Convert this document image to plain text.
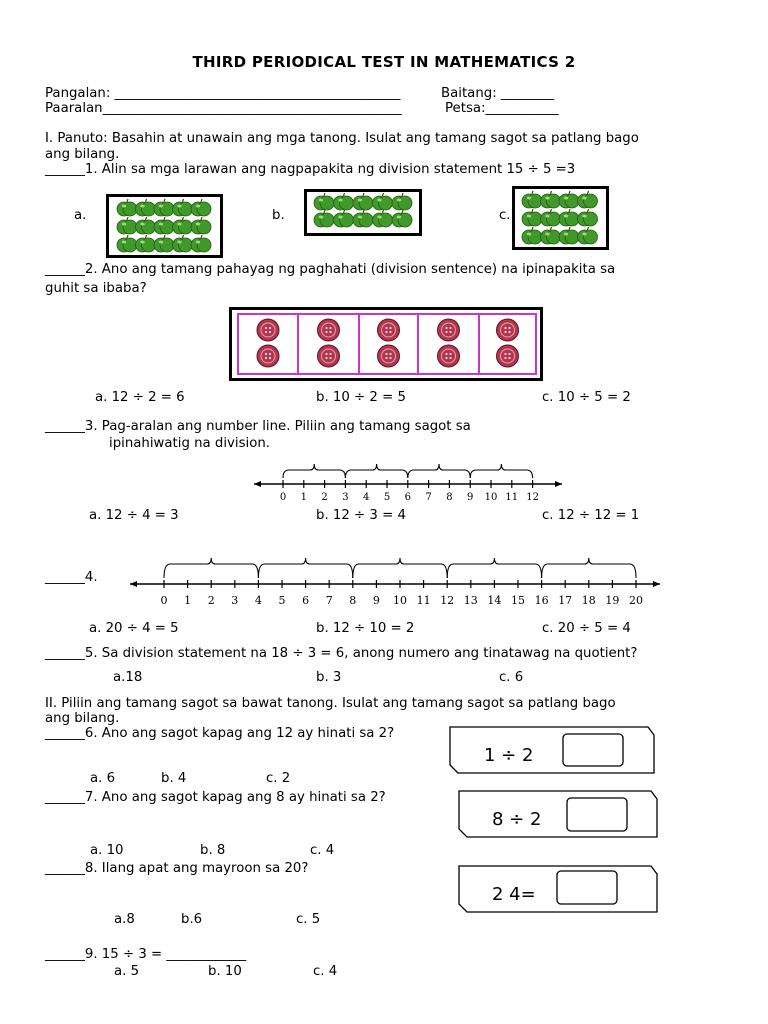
THIRD PERIODICAL TEST IN MATHEMATICS 2
Pangalan: ___________________________________________	Baitang: ________
Paaralan_____________________________________________	Petsa:___________
I. Panuto: Basahin at unawain ang mga tanong. Isulat ang tamang sagot sa patlang bago
ang bilang.
______1. Alin sa mga larawan ang nagpapakita ng division statement 15 ÷ 5 =3
a.	b.	c.
______2. Ano ang tamang pahayag ng paghahati (division sentence) na ipinapakita sa
guhit sa ibaba?
a. 12 ÷ 2 = 6	b. 10 ÷ 2 = 5	c. 10 ÷ 5 = 2
______3. Pag-aralan ang number line. Piliin ang tamang sagot sa
ipinahiwatig na division.
0 1 2 3 4 5 6 7 8 9 10 11 12
a. 12 ÷ 4 = 3	b. 12 ÷ 3 = 4	c. 12 ÷ 12 = 1
______4.
0 1 2 3 4 5 6 7 8 9 10 11 12 13 14 15 16 17 18 19 20
a. 20 ÷ 4 = 5	b. 12 ÷ 10 = 2	c. 20 ÷ 5 = 4
______5. Sa division statement na 18 ÷ 3 = 6, anong numero ang tinatawag na quotient?
a.18	b. 3	c. 6
II. Piliin ang tamang sagot sa bawat tanong. Isulat ang tamang sagot sa patlang bago
ang bilang.
______6. Ano ang sagot kapag ang 12 ay hinati sa 2?
a. 6	b. 4	c. 2
1 ÷ 2
______7. Ano ang sagot kapag ang 8 ay hinati sa 2?
a. 10	b. 8	c. 4
8 ÷ 2
______8. Ilang apat ang mayroon sa 20?
a.8	b.6	c. 5
2 4=
______9. 15 ÷ 3 = ____________
a. 5	b. 10	c. 4
